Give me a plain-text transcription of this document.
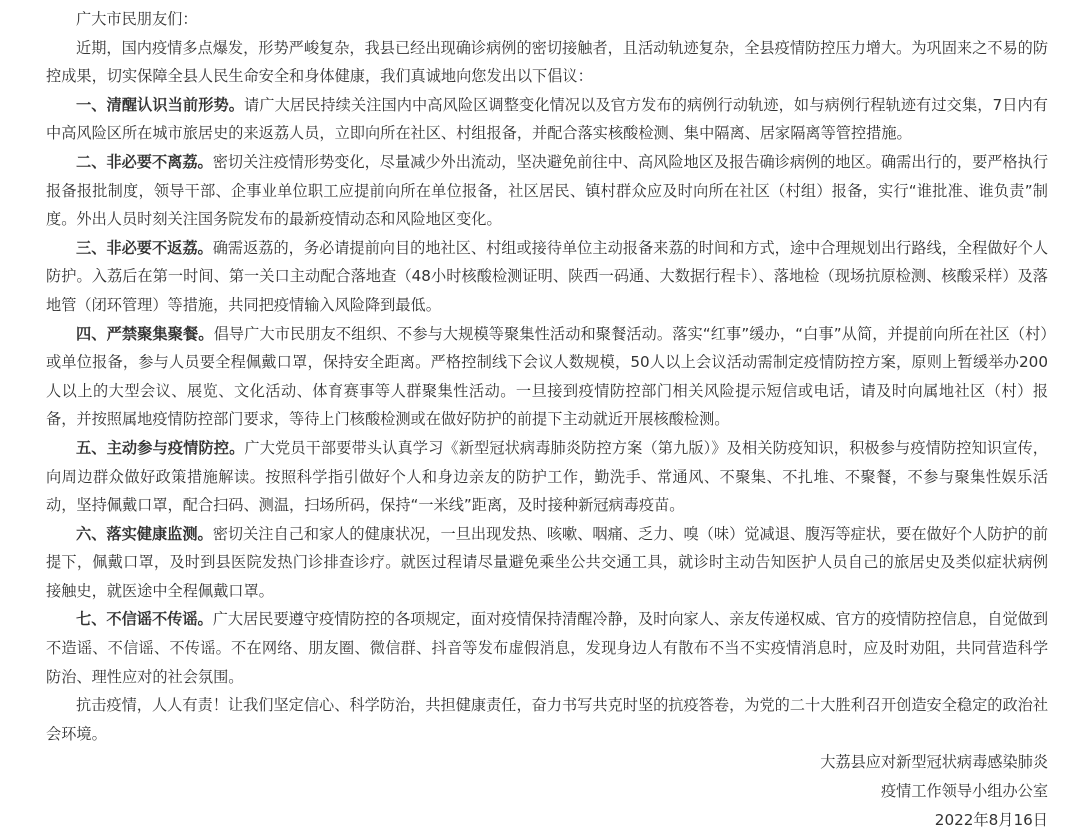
广大市民朋友们：

近期，国内疫情多点爆发，形势严峻复杂，我县已经出现确诊病例的密切接触者，且活动轨迹复杂，全县疫情防控压力增大。为巩固来之不易的防控成果，切实保障全县人民生命安全和身体健康，我们真诚地向您发出以下倡议：

一、清醒认识当前形势。请广大居民持续关注国内中高风险区调整变化情况以及官方发布的病例行动轨迹，如与病例行程轨迹有过交集，7日内有中高风险区所在城市旅居史的来返荔人员，立即向所在社区、村组报备，并配合落实核酸检测、集中隔离、居家隔离等管控措施。

二、非必要不离荔。密切关注疫情形势变化，尽量减少外出流动，坚决避免前往中、高风险地区及报告确诊病例的地区。确需出行的，要严格执行报备报批制度，领导干部、企事业单位职工应提前向所在单位报备，社区居民、镇村群众应及时向所在社区（村组）报备，实行“谁批准、谁负责”制度。外出人员时刻关注国务院发布的最新疫情动态和风险地区变化。

三、非必要不返荔。确需返荔的，务必请提前向目的地社区、村组或接待单位主动报备来荔的时间和方式，途中合理规划出行路线，全程做好个人防护。入荔后在第一时间、第一关口主动配合落地查（48小时核酸检测证明、陕西一码通、大数据行程卡）、落地检（现场抗原检测、核酸采样）及落地管（闭环管理）等措施，共同把疫情输入风险降到最低。

四、严禁聚集聚餐。倡导广大市民朋友不组织、不参与大规模等聚集性活动和聚餐活动。落实“红事”缓办，“白事”从简，并提前向所在社区（村）或单位报备，参与人员要全程佩戴口罩，保持安全距离。严格控制线下会议人数规模，50人以上会议活动需制定疫情防控方案，原则上暂缓举办200人以上的大型会议、展览、文化活动、体育赛事等人群聚集性活动。一旦接到疫情防控部门相关风险提示短信或电话，请及时向属地社区（村）报备，并按照属地疫情防控部门要求，等待上门核酸检测或在做好防护的前提下主动就近开展核酸检测。

五、主动参与疫情防控。广大党员干部要带头认真学习《新型冠状病毒肺炎防控方案（第九版）》及相关防疫知识，积极参与疫情防控知识宣传，向周边群众做好政策措施解读。按照科学指引做好个人和身边亲友的防护工作，勤洗手、常通风、不聚集、不扎堆、不聚餐，不参与聚集性娱乐活动，坚持佩戴口罩，配合扫码、测温，扫场所码，保持“一米线”距离，及时接种新冠病毒疫苗。

六、落实健康监测。密切关注自己和家人的健康状况，一旦出现发热、咳嗽、咽痛、乏力、嗅（味）觉减退、腹泻等症状，要在做好个人防护的前提下，佩戴口罩，及时到县医院发热门诊排查诊疗。就医过程请尽量避免乘坐公共交通工具，就诊时主动告知医护人员自己的旅居史及类似症状病例接触史，就医途中全程佩戴口罩。

七、不信谣不传谣。广大居民要遵守疫情防控的各项规定，面对疫情保持清醒冷静，及时向家人、亲友传递权威、官方的疫情防控信息，自觉做到不造谣、不信谣、不传谣。不在网络、朋友圈、微信群、抖音等发布虚假消息，发现身边人有散布不当不实疫情消息时，应及时劝阻，共同营造科学防治、理性应对的社会氛围。

抗击疫情，人人有责！让我们坚定信心、科学防治，共担健康责任，奋力书写共克时坚的抗疫答卷，为党的二十大胜利召开创造安全稳定的政治社会环境。

大荔县应对新型冠状病毒感染肺炎
疫情工作领导小组办公室
2022年8月16日
